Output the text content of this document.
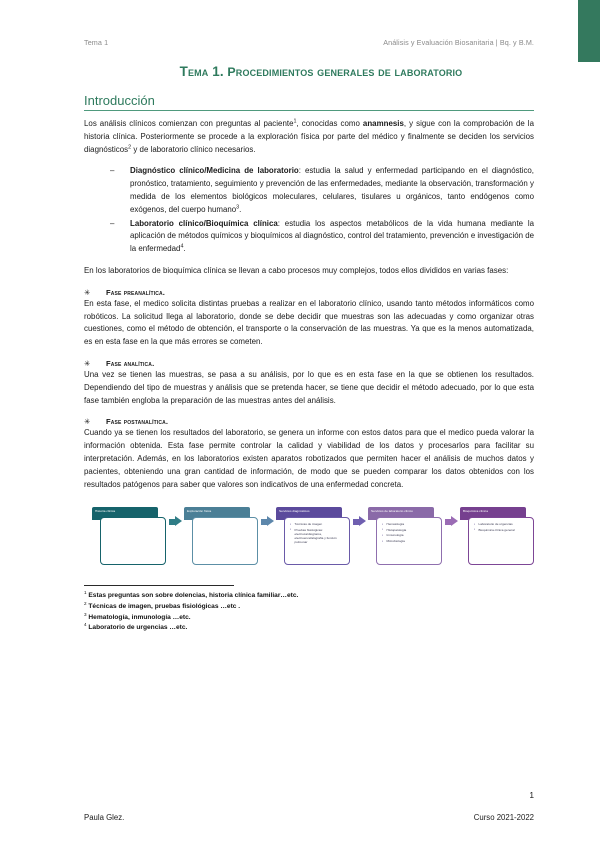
Tema 1	Análisis y Evaluación Biosanitaria | Bq. y B.M.
Tema 1. Procedimientos generales de laboratorio
Introducción

Los análisis clínicos comienzan con preguntas al paciente$^1$, conocidas como anamnesis, y sigue con la comprobación de la historia clínica. Posteriormente se procede a la exploración física por parte del médico y finalmente se deciden los servicios diagnósticos$^2$ y de laboratorio clínico necesarios.

– Diagnóstico clínico/Medicina de laboratorio: estudia la salud y enfermedad participando en el diagnóstico, pronóstico, tratamiento, seguimiento y prevención de las enfermedades, mediante la observación, transformación y medida de los elementos biológicos moleculares, celulares, tisulares u orgánicos, tanto endógenos como exógenos, del cuerpo humano$^3$.
– Laboratorio clínico/Bioquímica clínica: estudia los aspectos metabólicos de la vida humana mediante la aplicación de métodos químicos y bioquímicos al diagnóstico, control del tratamiento, prevención e investigación de la enfermedad$^4$.

En los laboratorios de bioquímica clínica se llevan a cabo procesos muy complejos, todos ellos divididos en varias fases:

✳	Fase preanalítica.

En esta fase, el medico solicita distintas pruebas a realizar en el laboratorio clínico, usando tanto métodos informáticos como robóticos. La solicitud llega al laboratorio, donde se debe decidir que muestras son las adecuadas y como organizar otras cuestiones, como el método de obtención, el transporte o la conservación de las muestras. Ya que es la menos automatizada, es en esta fase en la que más errores se cometen.

✳	Fase analítica.

Una vez se tienen las muestras, se pasa a su análisis, por lo que es en esta fase en la que se obtienen los resultados. Dependiendo del tipo de muestras y análisis que se pretenda hacer, se tiene que decidir el método adecuado, por lo que esta fase también engloba la preparación de las muestras antes del análisis.

✳	Fase postanalítica.

Cuando ya se tienen los resultados del laboratorio, se genera un informe con estos datos para que el medico pueda valorar la información obtenida. Esta fase permite controlar la calidad y viabilidad de los datos y procesarlos para facilitar su interpretación. Además, en los laboratorios existen aparatos robotizados que permiten hacer el análisis de muchos datos y pacientes, obteniendo una gran cantidad de información, de modo que se pueden comparar los datos obtenidos con los resultados patógenos para saber que valores son indicativos de una enfermedad concreta.

Historia clínica	Exploración física	Servicios diagnósticos
▪ Técnicas de imagen
▪ Pruebas fisiológicas: electrocardiograma, electroencefalografía y función pulmonar
Servicios de laboratorio clínico
▪ Hematología
▪ Histopatología
▪ Inmunología
▪ Microbiología
Bioquímica clínica
▪ Laboratorio de urgencias
▪ Bioquímica clínica general

$^1$ Estas preguntas son sobre dolencias, historia clínica familiar…etc.

$^2$ Técnicas de imagen, pruebas fisiológicas …etc .

$^3$ Hematología, inmunología …etc.

$^4$ Laboratorio de urgencias …etc.

1
Paula Glez.	Curso 2021-2022
